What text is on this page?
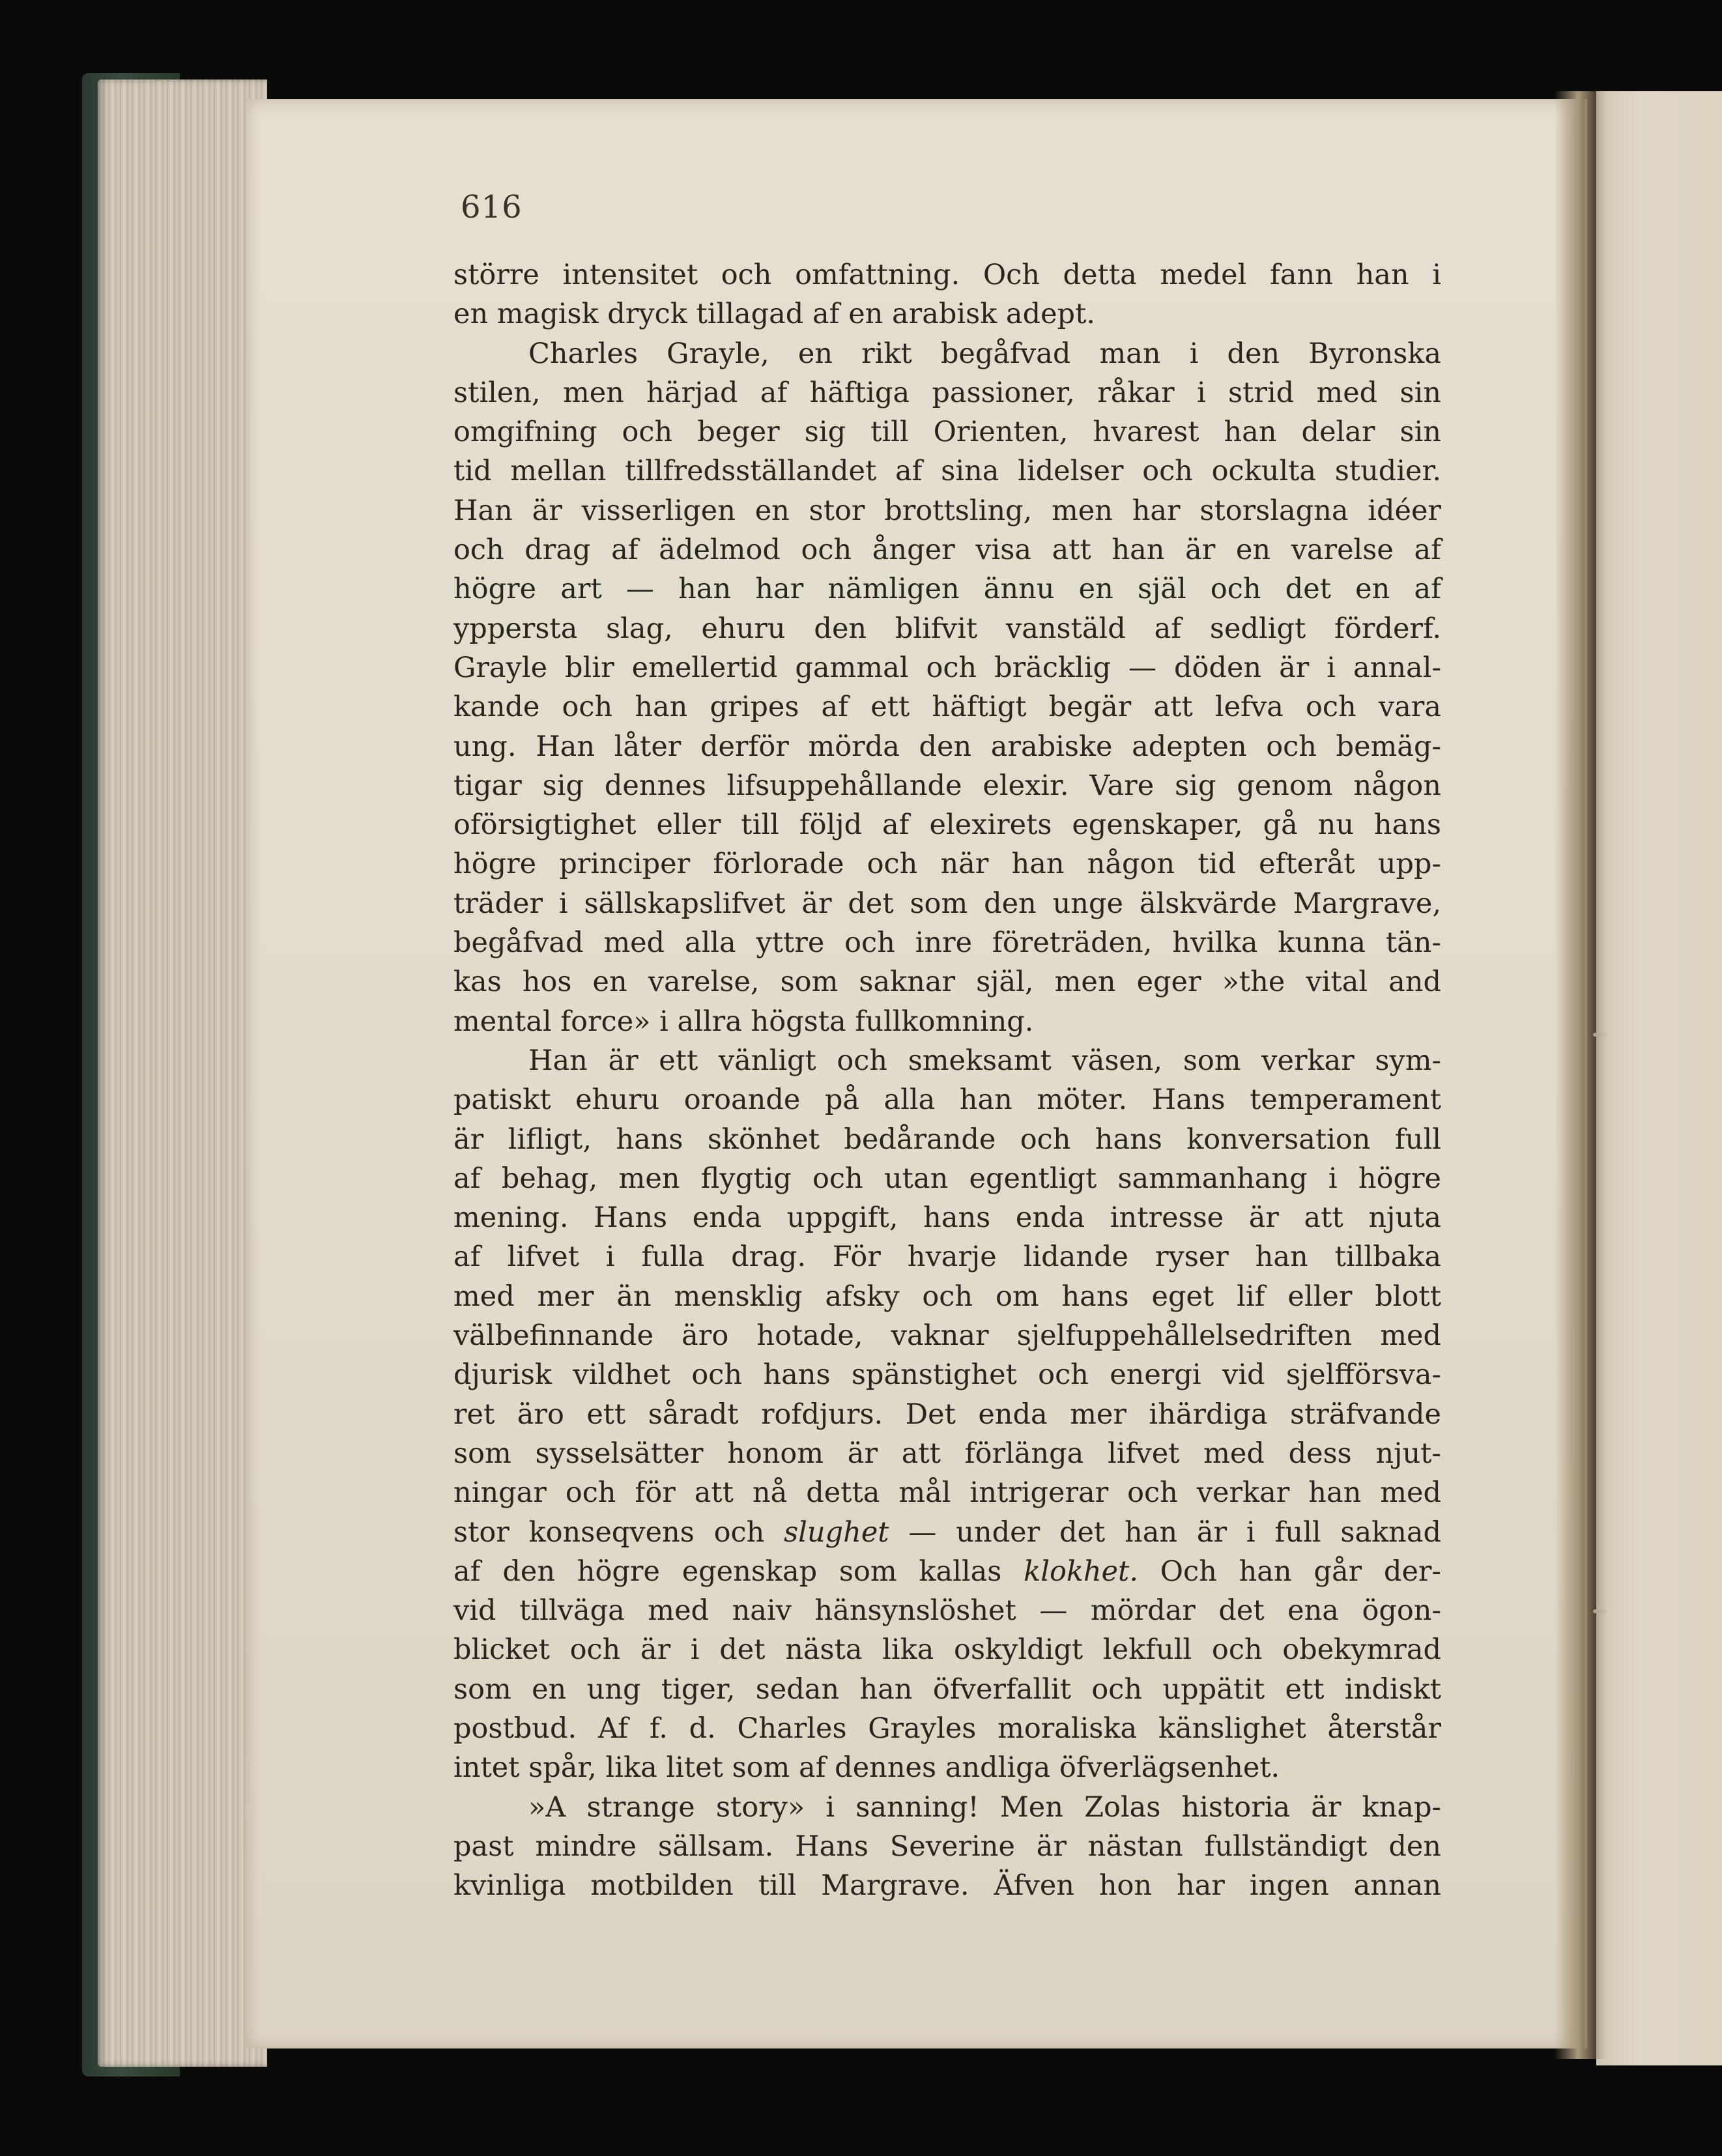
616
större intensitet och omfattning. Och detta medel fann han i
en magisk dryck tillagad af en arabisk adept.
Charles Grayle, en rikt begåfvad man i den Byronska
stilen, men härjad af häftiga passioner, råkar i strid med sin
omgifning och beger sig till Orienten, hvarest han delar sin
tid mellan tillfredsställandet af sina lidelser och ockulta studier.
Han är visserligen en stor brottsling, men har storslagna idéer
och drag af ädelmod och ånger visa att han är en varelse af
högre art — han har nämligen ännu en själ och det en af
yppersta slag, ehuru den blifvit vanstäld af sedligt förderf.
Grayle blir emellertid gammal och bräcklig — döden är i annal-
kande och han gripes af ett häftigt begär att lefva och vara
ung. Han låter derför mörda den arabiske adepten och bemäg-
tigar sig dennes lifsuppehållande elexir. Vare sig genom någon
oförsigtighet eller till följd af elexirets egenskaper, gå nu hans
högre principer förlorade och när han någon tid efteråt upp-
träder i sällskapslifvet är det som den unge älskvärde Margrave,
begåfvad med alla yttre och inre företräden, hvilka kunna tän-
kas hos en varelse, som saknar själ, men eger »the vital and
mental force» i allra högsta fullkomning.
Han är ett vänligt och smeksamt väsen, som verkar sym-
patiskt ehuru oroande på alla han möter. Hans temperament
är lifligt, hans skönhet bedårande och hans konversation full
af behag, men flygtig och utan egentligt sammanhang i högre
mening. Hans enda uppgift, hans enda intresse är att njuta
af lifvet i fulla drag. För hvarje lidande ryser han tillbaka
med mer än mensklig afsky och om hans eget lif eller blott
välbefinnande äro hotade, vaknar sjelfuppehållelsedriften med
djurisk vildhet och hans spänstighet och energi vid sjelfförsva-
ret äro ett såradt rofdjurs. Det enda mer ihärdiga sträfvande
som sysselsätter honom är att förlänga lifvet med dess njut-
ningar och för att nå detta mål intrigerar och verkar han med
stor konseqvens och slughet — under det han är i full saknad
af den högre egenskap som kallas klokhet. Och han går der-
vid tillväga med naiv hänsynslöshet — mördar det ena ögon-
blicket och är i det nästa lika oskyldigt lekfull och obekymrad
som en ung tiger, sedan han öfverfallit och uppätit ett indiskt
postbud. Af f. d. Charles Grayles moraliska känslighet återstår
intet spår, lika litet som af dennes andliga öfverlägsenhet.
»A strange story» i sanning! Men Zolas historia är knap-
past mindre sällsam. Hans Severine är nästan fullständigt den
kvinliga motbilden till Margrave. Äfven hon har ingen annan
